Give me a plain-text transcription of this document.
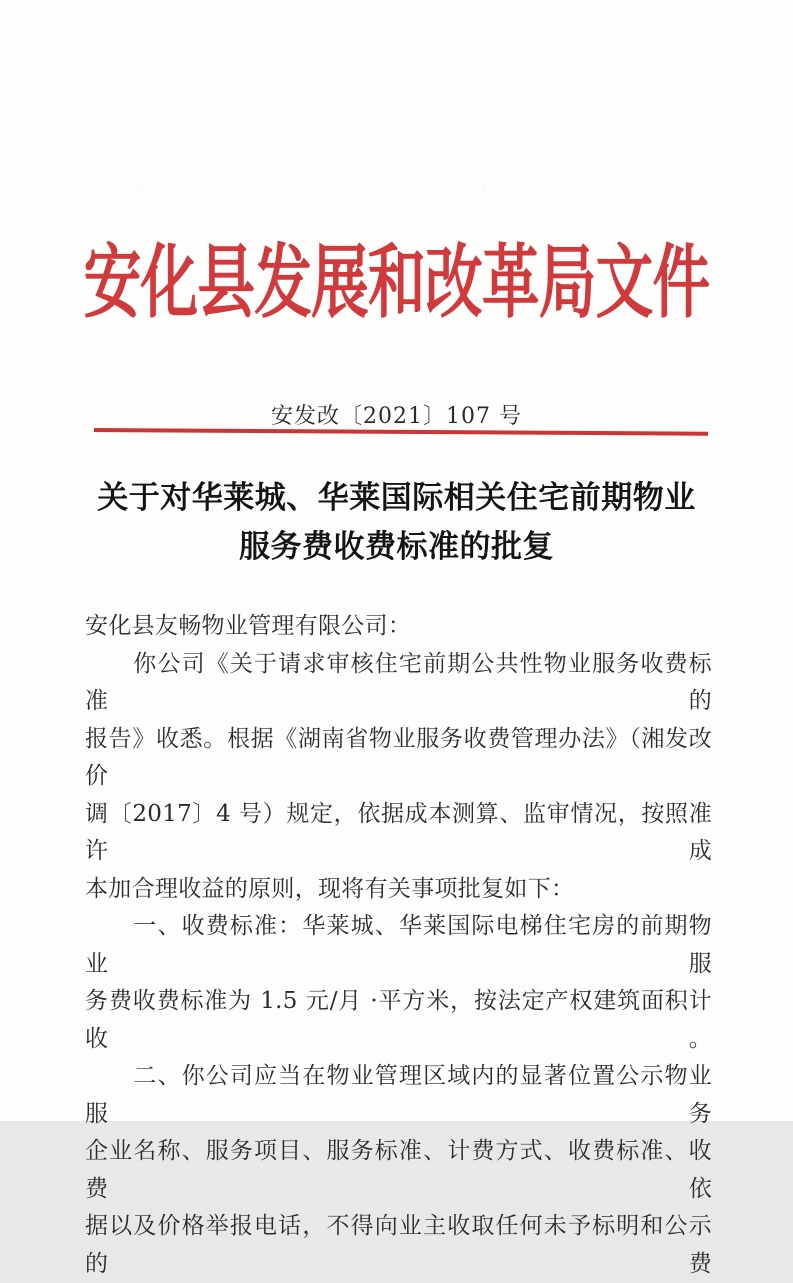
安化县发展和改革局文件
安发改〔2021〕107 号
关于对华莱城、华莱国际相关住宅前期物业
服务费收费标准的批复
安化县友畅物业管理有限公司：
　　你公司《关于请求审核住宅前期公共性物业服务收费标准的
报告》收悉。根据《湖南省物业服务收费管理办法》（湘发改价
调〔2017〕4 号）规定，依据成本测算、监审情况，按照准许成
本加合理收益的原则，现将有关事项批复如下：
　　一、收费标准：华莱城、华莱国际电梯住宅房的前期物业服
务费收费标准为 1.5 元/月 ·平方米，按法定产权建筑面积计收。
　　二、你公司应当在物业管理区域内的显著位置公示物业服务
企业名称、服务项目、服务标准、计费方式、收费标准、收费依
据以及价格举报电话，不得向业主收取任何未予标明和公示的费
